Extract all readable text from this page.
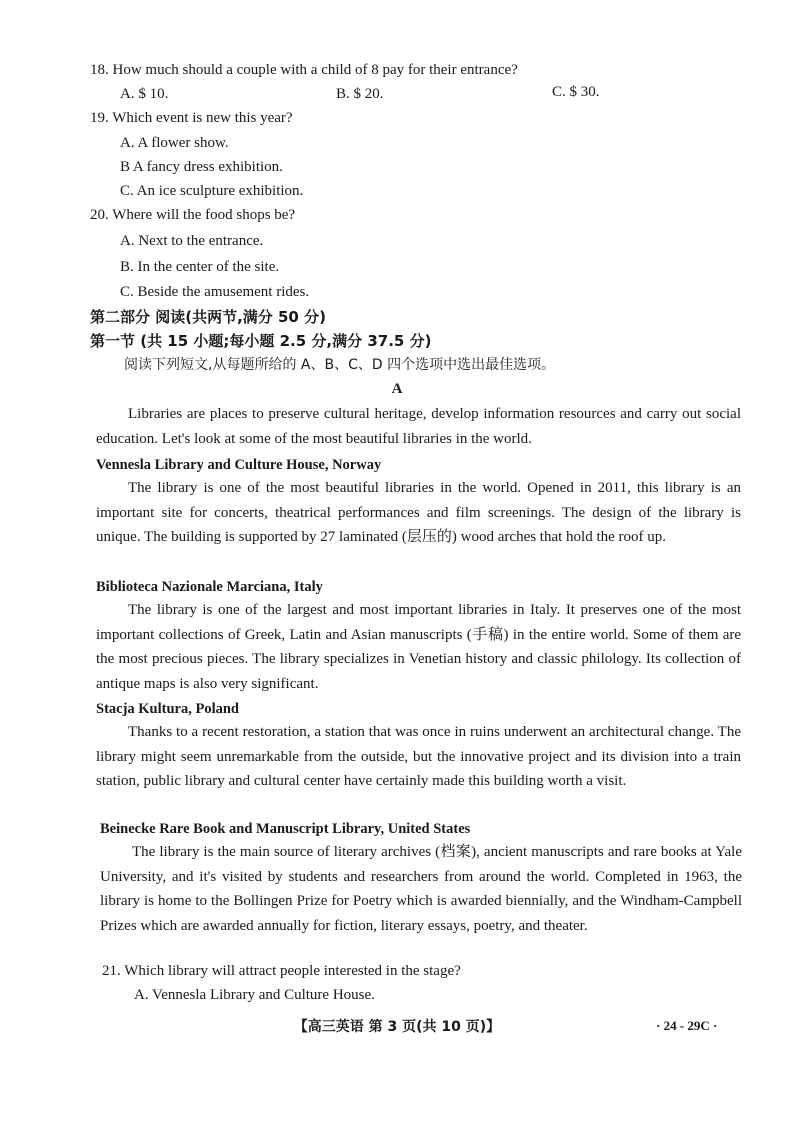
18. How much should a couple with a child of 8 pay for their entrance?
A. $ 10.	B. $ 20.	C. $ 30.
19. Which event is new this year?
A. A flower show.
B A fancy dress exhibition.
C. An ice sculpture exhibition.
20. Where will the food shops be?
A. Next to the entrance.
B. In the center of the site.
C. Beside the amusement rides.
第二部分 阅读(共两节,满分 50 分)
第一节 (共 15 小题;每小题 2.5 分,满分 37.5 分)
阅读下列短文,从每题所给的 A、B、C、D 四个选项中选出最佳选项。
A
Libraries are places to preserve cultural heritage, develop information resources and carry out social education. Let's look at some of the most beautiful libraries in the world.
Vennesla Library and Culture House, Norway
The library is one of the most beautiful libraries in the world. Opened in 2011, this library is an important site for concerts, theatrical performances and film screenings. The design of the library is unique. The building is supported by 27 laminated (层压的) wood arches that hold the roof up.
Biblioteca Nazionale Marciana, Italy
The library is one of the largest and most important libraries in Italy. It preserves one of the most important collections of Greek, Latin and Asian manuscripts (手稿) in the entire world. Some of them are the most precious pieces. The library specializes in Venetian history and classic philology. Its collection of antique maps is also very significant.
Stacja Kultura, Poland
Thanks to a recent restoration, a station that was once in ruins underwent an architectural change. The library might seem unremarkable from the outside, but the innovative project and its division into a train station, public library and cultural center have certainly made this building worth a visit.
Beinecke Rare Book and Manuscript Library, United States
The library is the main source of literary archives (档案), ancient manuscripts and rare books at Yale University, and it's visited by students and researchers from around the world. Completed in 1963, the library is home to the Bollingen Prize for Poetry which is awarded biennially, and the Windham-Campbell Prizes which are awarded annually for fiction, literary essays, poetry, and theater.
21. Which library will attract people interested in the stage?
A. Vennesla Library and Culture House.
【高三英语 第 3 页(共 10 页)】	· 24 - 29C ·
